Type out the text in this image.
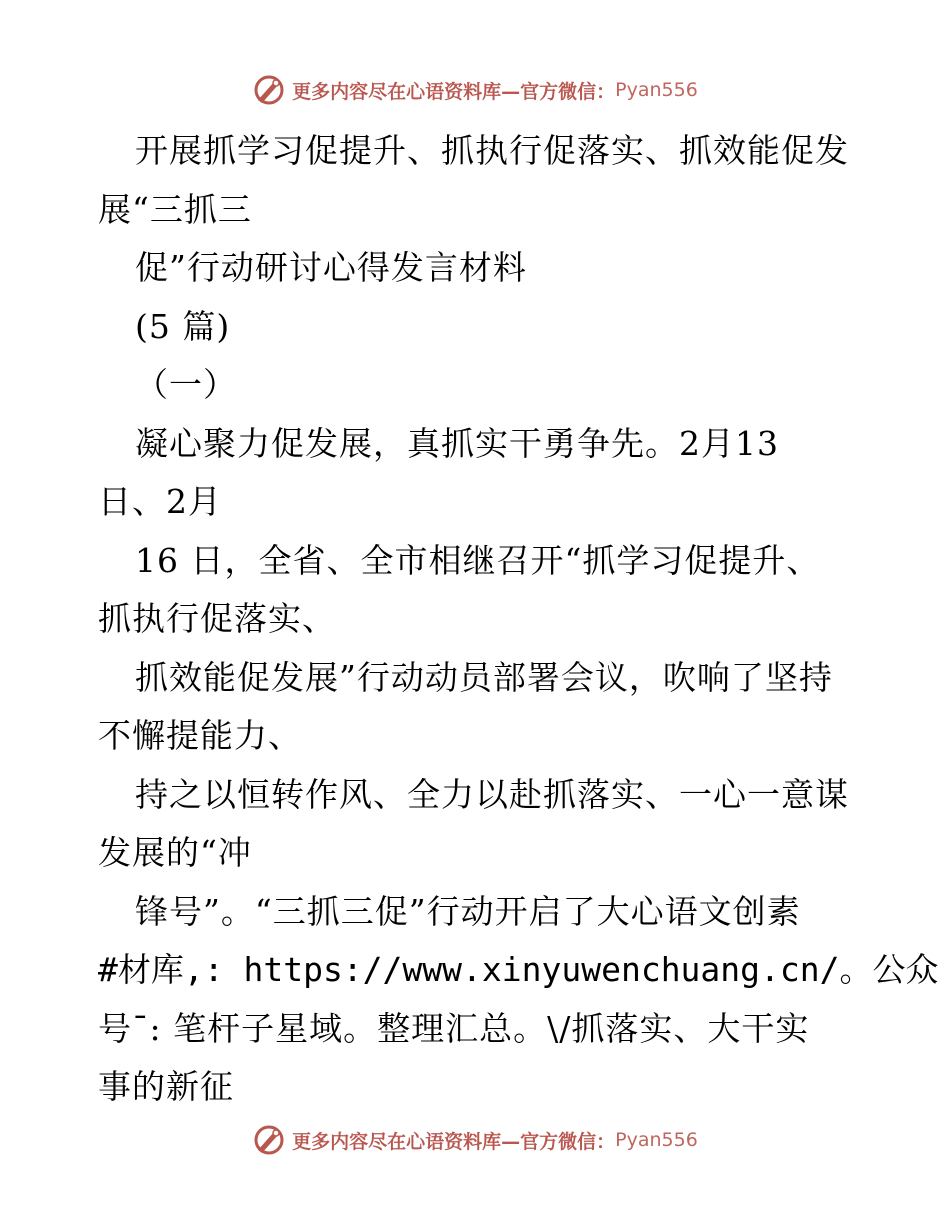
更多内容尽在心语资料库—官方微信： Pyan556
开展抓学习促提升、抓执行促落实、抓效能促发
展“三抓三
促”行动研讨心得发言材料
(5 篇)
（一）
凝心聚力促发展，真抓实干勇争先。2月13
日、2月
16 日，全省、全市相继召开“抓学习促提升、
抓执行促落实、
抓效能促发展”行动动员部署会议，吹响了坚持
不懈提能力、
持之以恒转作风、全力以赴抓落实、一心一意谋
发展的“冲
锋号”。“三抓三促”行动开启了大心语文创素
#材库,: https://www.xinyuwenchuang.cn/。公众
号¯: 笔杆子星域。整理汇总。\/抓落实、大干实
事的新征
更多内容尽在心语资料库—官方微信： Pyan556
